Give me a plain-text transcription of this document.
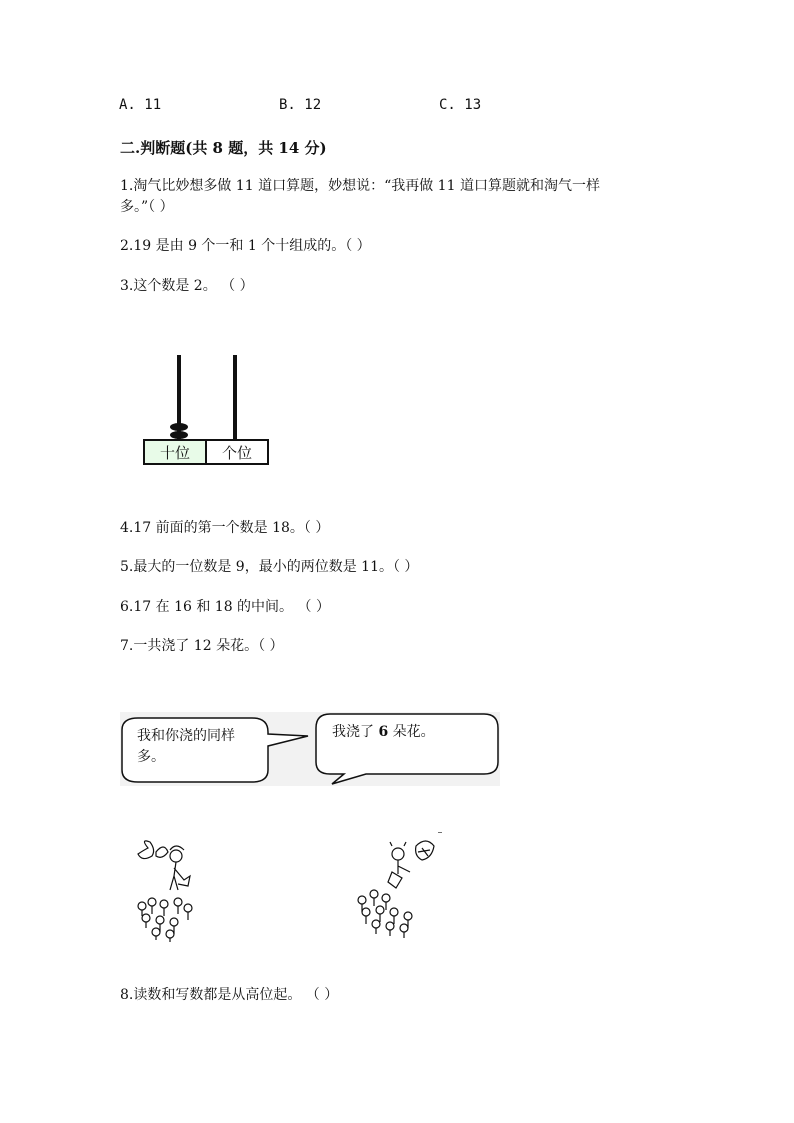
A. 11	B. 12	C. 13
二.判断题(共 8 题，共 14 分)
1.淘气比妙想多做 11 道口算题，妙想说：“我再做 11 道口算题就和淘气一样
多。”（ ）
2.19 是由 9 个一和 1 个十组成的。（ ）
3.这个数是 2。 （ ）
十位	个位
4.17 前面的第一个数是 18。（ ）
5.最大的一位数是 9，最小的两位数是 11。（ ）
6.17 在 16 和 18 的中间。 （ ）
7.一共浇了 12 朵花。（ ）
我和你浇的同样
多。
我浇了 6 朵花。
8.读数和写数都是从高位起。 （ ）
